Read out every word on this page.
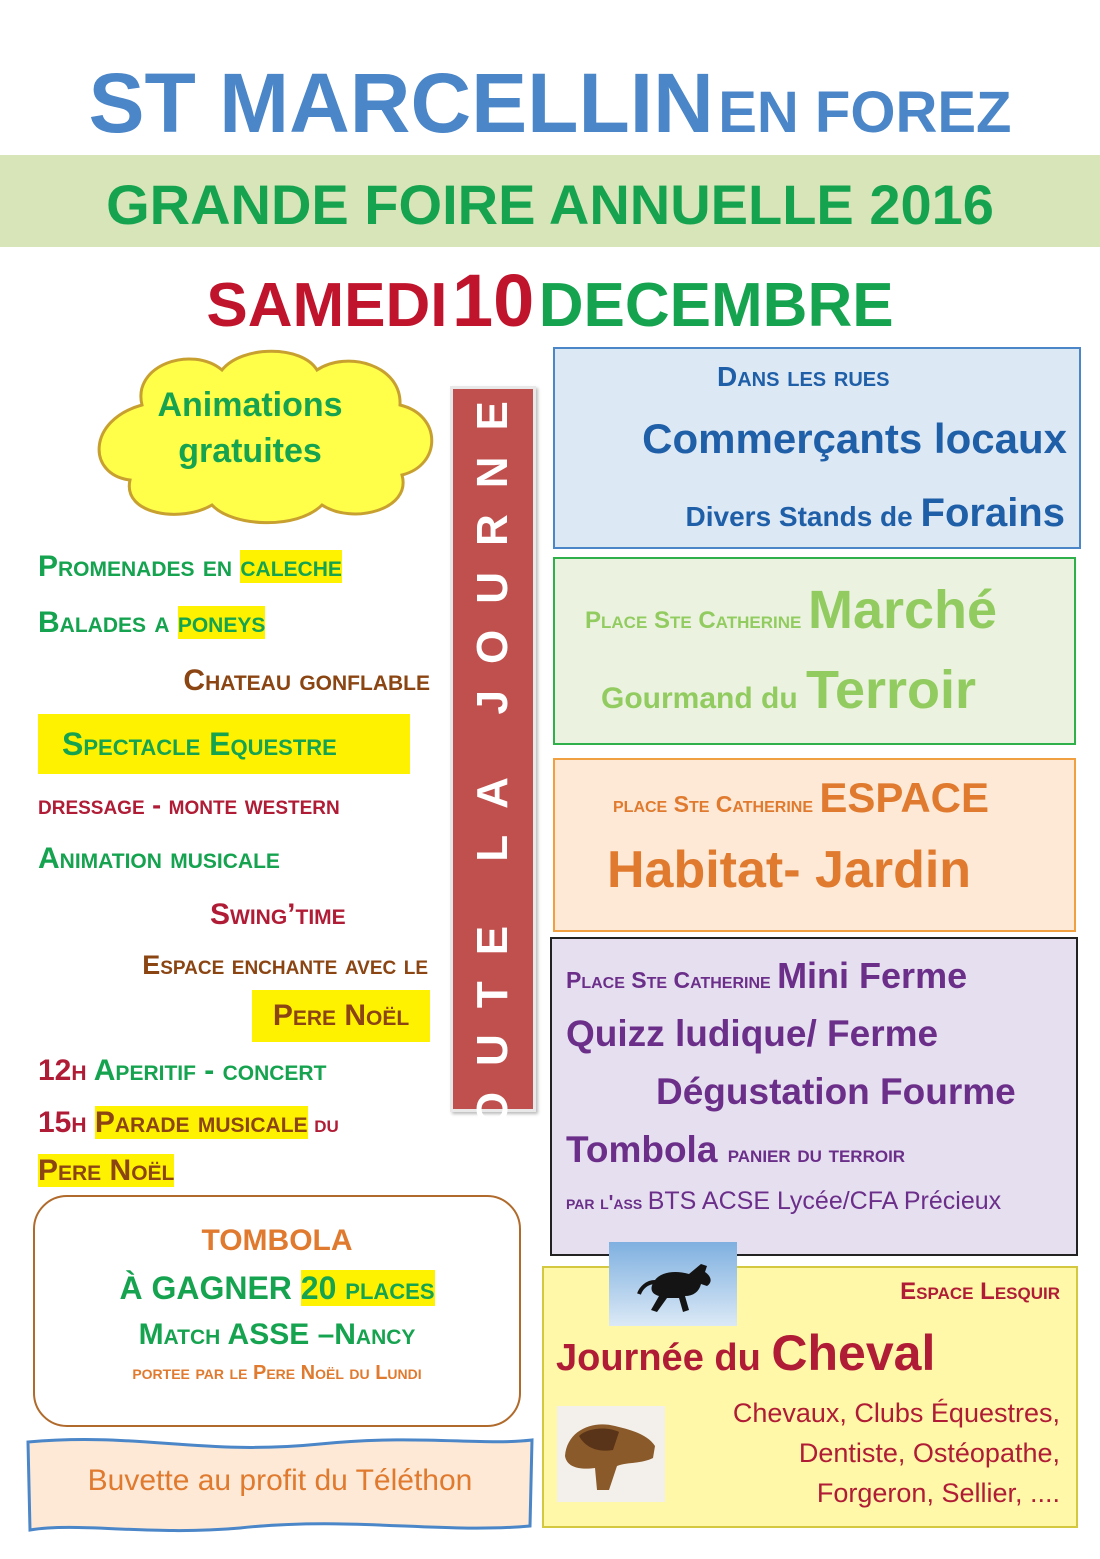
ST MARCELLIN EN FOREZ
GRANDE FOIRE ANNUELLE 2016
SAMEDI 10 DECEMBRE
Animations
gratuites	TOUTE LA JOURNEE
Promenades en caleche
Balades a poneys
Chateau gonflable
Spectacle Equestre
dressage - monte western
Animation musicale
Swing’time
Espace enchante avec le
Pere Noël
12h Aperitif - concert
15h Parade musicale du
Pere Noël
TOMBOLA
À GAGNER 20 places
Match ASSE –Nancy
portee par le Pere Noël du Lundi
Buvette au profit du Téléthon
Dans les rues
Commerçants locaux
Divers Stands de Forains
Place Ste Catherine Marché
Gourmand du Terroir
place Ste Catherine ESPACE
Habitat- Jardin
Place Ste Catherine Mini Ferme
Quizz ludique/ Ferme
Dégustation Fourme
Tombola panier du terroir
par l'ass BTS ACSE Lycée/CFA Précieux
Espace Lesquir
Journée du Cheval
Chevaux, Clubs Équestres,
Dentiste, Ostéopathe,
Forgeron, Sellier, ....
